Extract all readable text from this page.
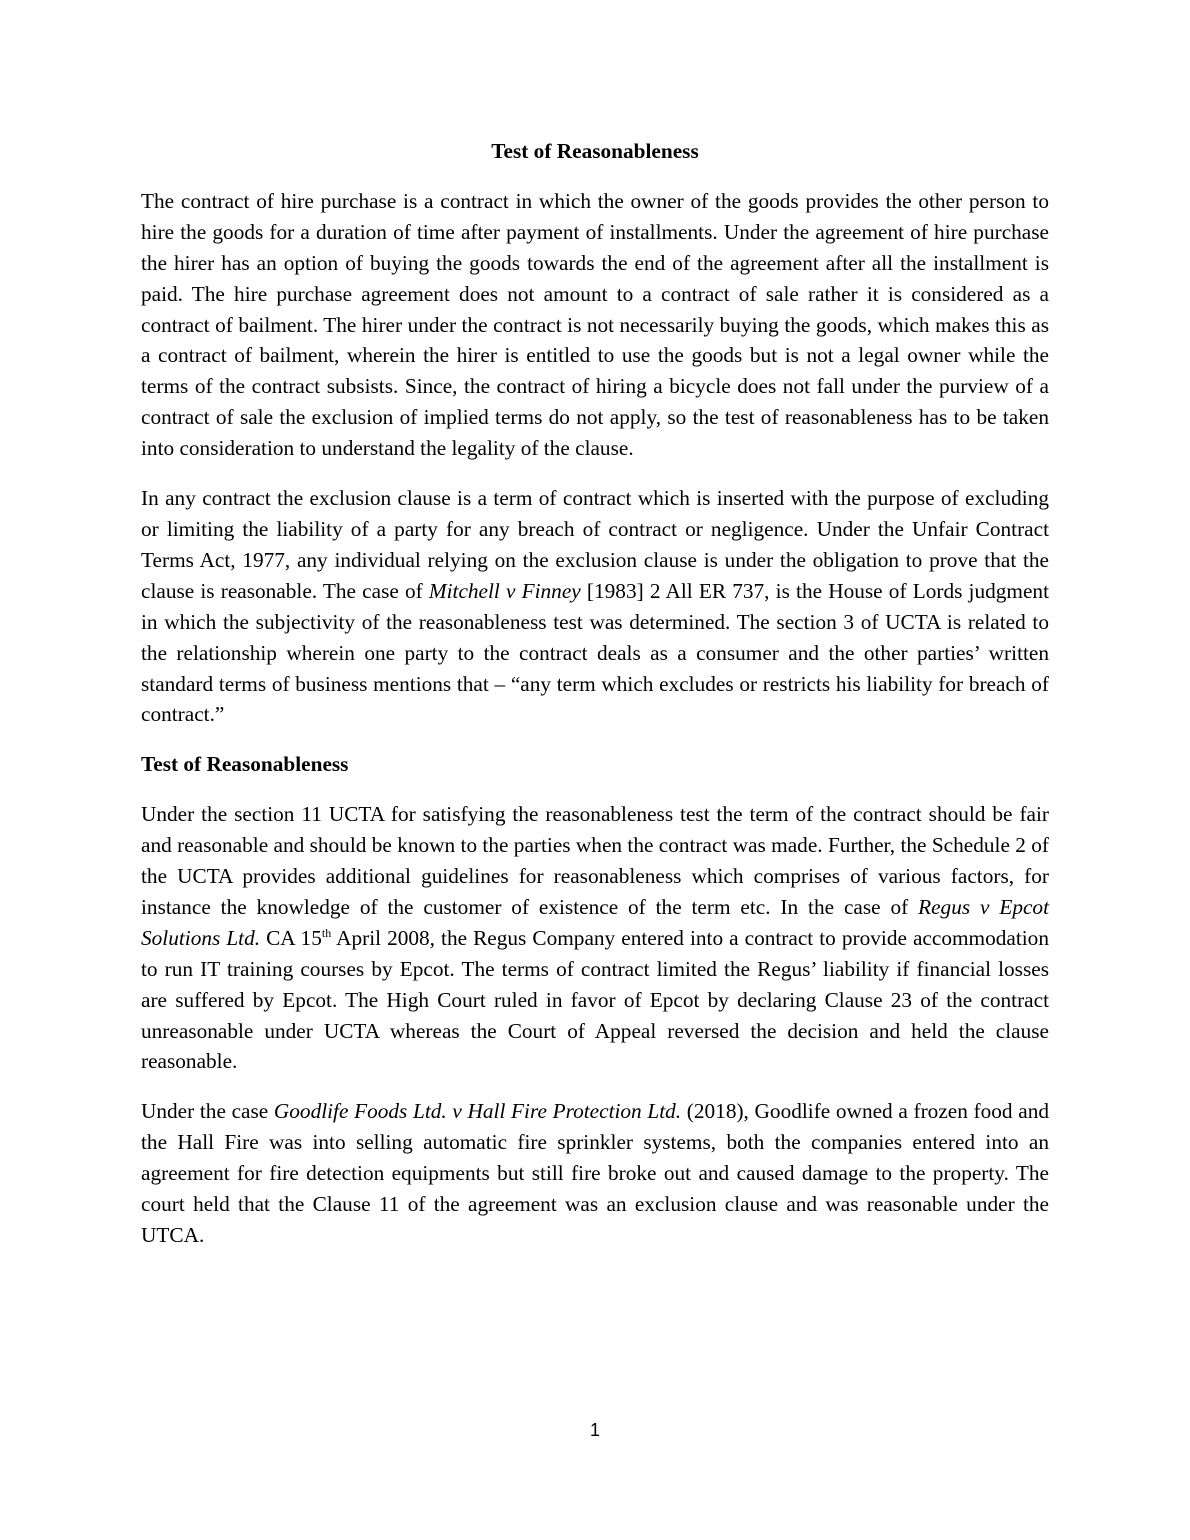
Test of Reasonableness

The contract of hire purchase is a contract in which the owner of the goods provides the other person to hire the goods for a duration of time after payment of installments. Under the agreement of hire purchase the hirer has an option of buying the goods towards the end of the agreement after all the installment is paid. The hire purchase agreement does not amount to a contract of sale rather it is considered as a contract of bailment. The hirer under the contract is not necessarily buying the goods, which makes this as a contract of bailment, wherein the hirer is entitled to use the goods but is not a legal owner while the terms of the contract subsists. Since, the contract of hiring a bicycle does not fall under the purview of a contract of sale the exclusion of implied terms do not apply, so the test of reasonableness has to be taken into consideration to understand the legality of the clause.

In any contract the exclusion clause is a term of contract which is inserted with the purpose of excluding or limiting the liability of a party for any breach of contract or negligence. Under the Unfair Contract Terms Act, 1977, any individual relying on the exclusion clause is under the obligation to prove that the clause is reasonable. The case of Mitchell v Finney [1983] 2 All ER 737, is the House of Lords judgment in which the subjectivity of the reasonableness test was determined. The section 3 of UCTA is related to the relationship wherein one party to the contract deals as a consumer and the other parties’ written standard terms of business mentions that – “any term which excludes or restricts his liability for breach of contract.”

Test of Reasonableness

Under the section 11 UCTA for satisfying the reasonableness test the term of the contract should be fair and reasonable and should be known to the parties when the contract was made. Further, the Schedule 2 of the UCTA provides additional guidelines for reasonableness which comprises of various factors, for instance the knowledge of the customer of existence of the term etc. In the case of Regus v Epcot Solutions Ltd. CA 15th April 2008, the Regus Company entered into a contract to provide accommodation to run IT training courses by Epcot. The terms of contract limited the Regus’ liability if financial losses are suffered by Epcot. The High Court ruled in favor of Epcot by declaring Clause 23 of the contract unreasonable under UCTA whereas the Court of Appeal reversed the decision and held the clause reasonable.

Under the case Goodlife Foods Ltd. v Hall Fire Protection Ltd. (2018), Goodlife owned a frozen food and the Hall Fire was into selling automatic fire sprinkler systems, both the companies entered into an agreement for fire detection equipments but still fire broke out and caused damage to the property. The court held that the Clause 11 of the agreement was an exclusion clause and was reasonable under the UTCA.

1
